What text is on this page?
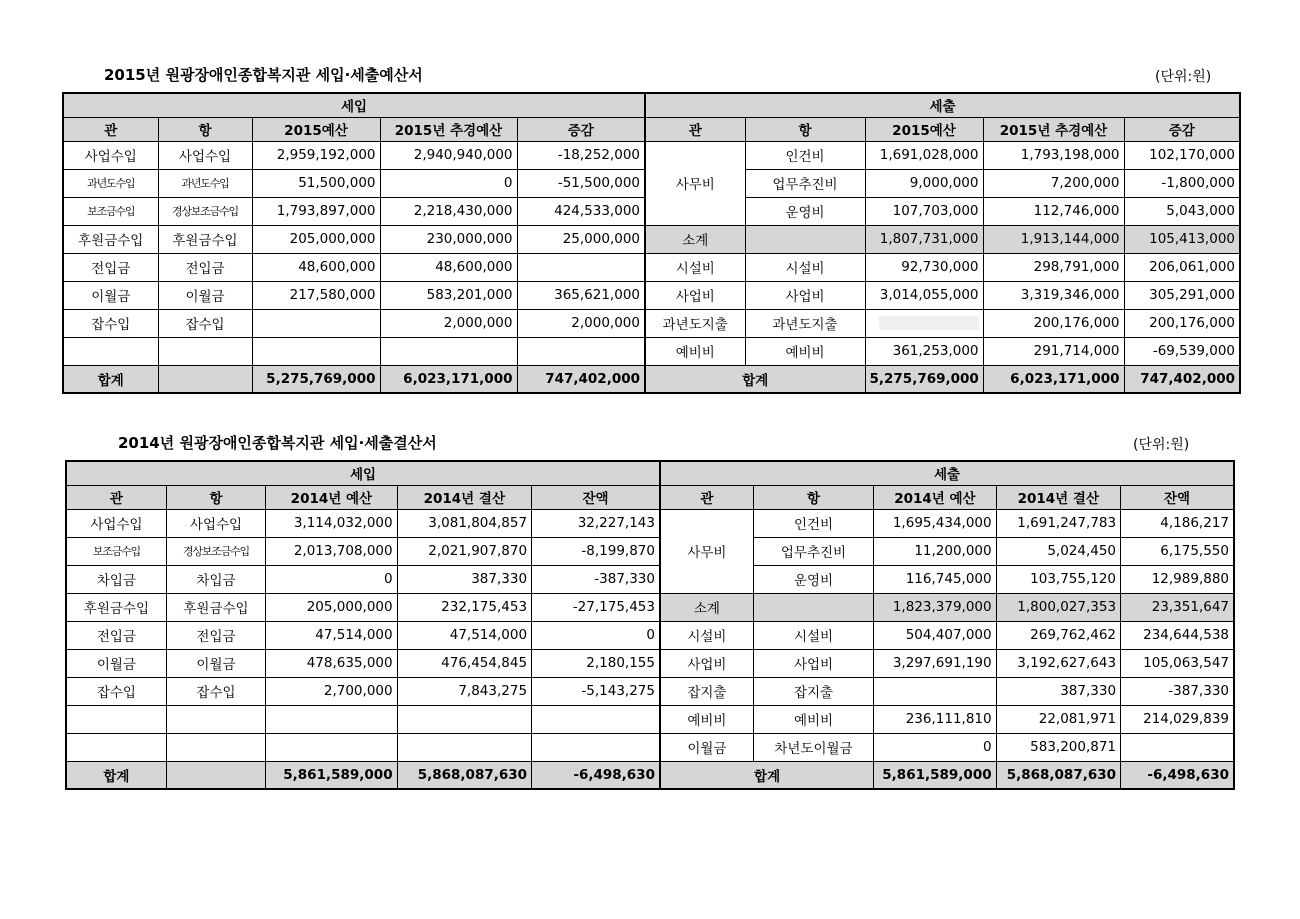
2015년 원광장애인종합복지관 세입·세출예산서	(단위:원)
세입					세출				
관	항	2015예산	2015년 추경예산	증감	관	항	2015예산	2015년 추경예산	증감
사업수입	사업수입	2,959,192,000	2,940,940,000	-18,252,000	사무비	인건비	1,691,028,000	1,793,198,000	102,170,000
과년도수입	과년도수입	51,500,000	0	-51,500,000		업무추진비	9,000,000	7,200,000	-1,800,000
보조금수입	경상보조금수입	1,793,897,000	2,218,430,000	424,533,000		운영비	107,703,000	112,746,000	5,043,000
후원금수입	후원금수입	205,000,000	230,000,000	25,000,000	소계		1,807,731,000	1,913,144,000	105,413,000
전입금	전입금	48,600,000	48,600,000		시설비	시설비	92,730,000	298,791,000	206,061,000
이월금	이월금	217,580,000	583,201,000	365,621,000	사업비	사업비	3,014,055,000	3,319,346,000	305,291,000
잡수입	잡수입		2,000,000	2,000,000	과년도지출	과년도지출		200,176,000	200,176,000
					예비비	예비비	361,253,000	291,714,000	-69,539,000
합계		5,275,769,000	6,023,171,000	747,402,000	합계		5,275,769,000	6,023,171,000	747,402,000
2014년 원광장애인종합복지관 세입·세출결산서	(단위:원)
세입					세출				
관	항	2014년 예산	2014년 결산	잔액	관	항	2014년 예산	2014년 결산	잔액
사업수입	사업수입	3,114,032,000	3,081,804,857	32,227,143	사무비	인건비	1,695,434,000	1,691,247,783	4,186,217
보조금수입	경상보조금수입	2,013,708,000	2,021,907,870	-8,199,870		업무추진비	11,200,000	5,024,450	6,175,550
차입금	차입금	0	387,330	-387,330		운영비	116,745,000	103,755,120	12,989,880
후원금수입	후원금수입	205,000,000	232,175,453	-27,175,453	소계		1,823,379,000	1,800,027,353	23,351,647
전입금	전입금	47,514,000	47,514,000	0	시설비	시설비	504,407,000	269,762,462	234,644,538
이월금	이월금	478,635,000	476,454,845	2,180,155	사업비	사업비	3,297,691,190	3,192,627,643	105,063,547
잡수입	잡수입	2,700,000	7,843,275	-5,143,275	잡지출	잡지출		387,330	-387,330
					예비비	예비비	236,111,810	22,081,971	214,029,839
					이월금	차년도이월금	0	583,200,871	
합계		5,861,589,000	5,868,087,630	-6,498,630	합계		5,861,589,000	5,868,087,630	-6,498,630
